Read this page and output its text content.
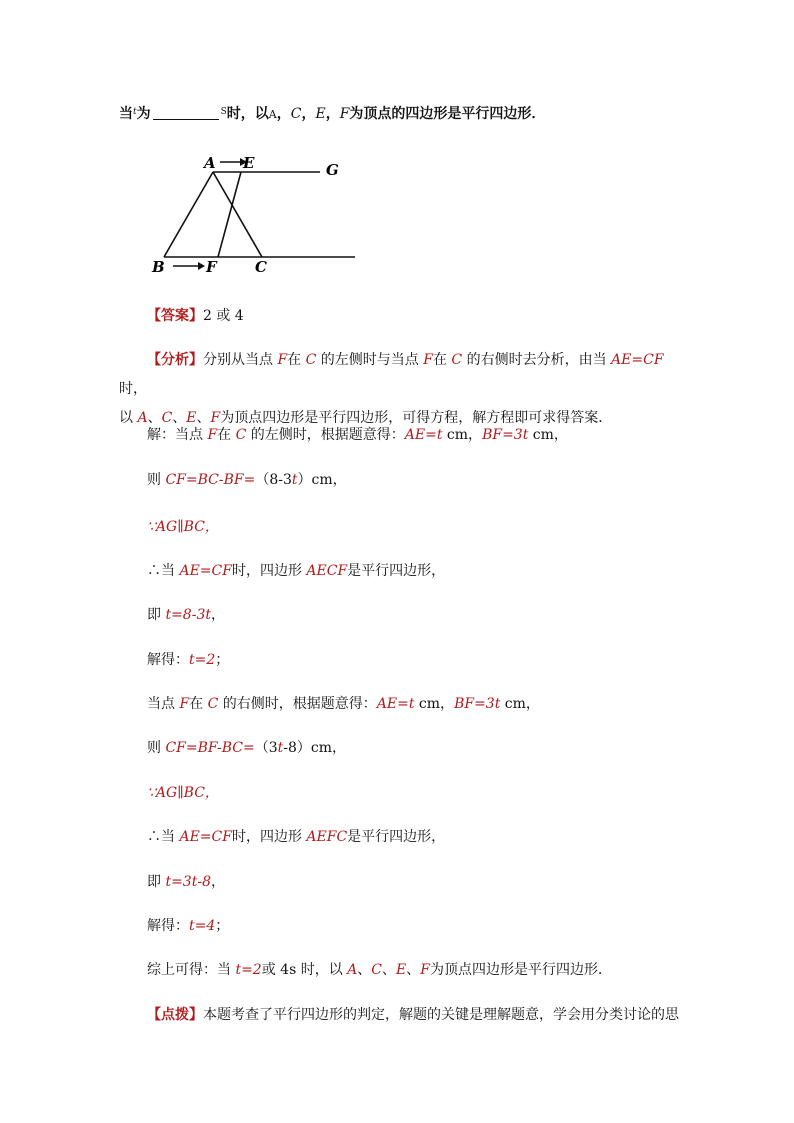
当$^t$为	$^S$时，以A，C，E，F为顶点的四边形是平行四边形．
A E	G
B	F	C
【答案】2 或 4
【分析】分别从当点 F在 C 的左侧时与当点 F在 C 的右侧时去分析，由当 AE=CF 时，
以 A、C、E、F为顶点四边形是平行四边形，可得方程，解方程即可求得答案．
解：当点 F在 C 的左侧时，根据题意得：AE=t cm，BF=3t cm，
则 CF=BC-BF=（8-3t）cm，
∵AG∥BC，
∴当 AE=CF时，四边形 AECF是平行四边形，
即 t=8-3t，
解得：t=2；
当点 F在 C 的右侧时，根据题意得：AE=t cm，BF=3t cm，
则 CF=BF-BC=（3t-8）cm，
∵AG∥BC，
∴当 AE=CF时，四边形 AEFC是平行四边形，
即 t=3t-8，
解得：t=4；
综上可得：当 t=2或 4s 时，以 A、C、E、F为顶点四边形是平行四边形．
【点拨】本题考查了平行四边形的判定，解题的关键是理解题意，学会用分类讨论的思
